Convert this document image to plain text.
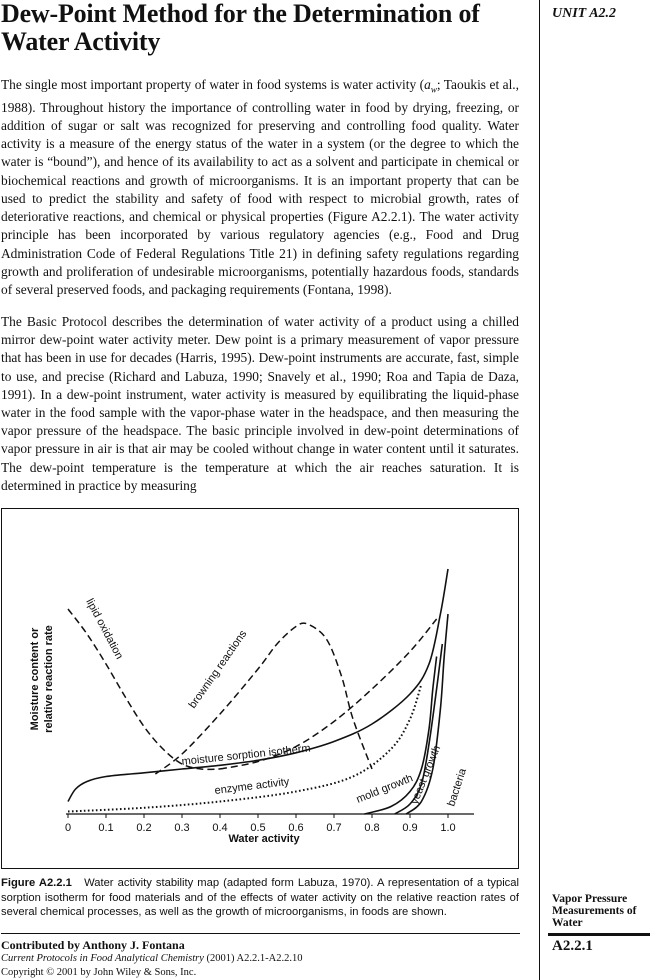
Dew-Point Method for the Determination of Water Activity
UNIT A2.2

The single most important property of water in food systems is water activity ($a_w$; Taoukis et al., 1988). Throughout history the importance of controlling water in food by drying, freezing, or addition of sugar or salt was recognized for preserving and controlling food quality. Water activity is a measure of the energy status of the water in a system (or the degree to which the water is “bound”), and hence of its availability to act as a solvent and participate in chemical or biochemical reactions and growth of microorganisms. It is an important property that can be used to predict the stability and safety of food with respect to microbial growth, rates of deteriorative reactions, and chemical or physical properties (Figure A2.2.1). The water activity principle has been incorporated by various regulatory agencies (e.g., Food and Drug Administration Code of Federal Regulations Title 21) in defining safety regulations regarding growth and proliferation of undesirable microorganisms, potentially hazardous foods, standards of several preserved foods, and packaging requirements (Fontana, 1998).

The Basic Protocol describes the determination of water activity of a product using a chilled mirror dew-point water activity meter. Dew point is a primary measurement of vapor pressure that has been in use for decades (Harris, 1995). Dew-point instruments are accurate, fast, simple to use, and precise (Richard and Labuza, 1990; Snavely et al., 1990; Roa and Tapia de Daza, 1991). In a dew-point instrument, water activity is measured by equilibrating the liquid-phase water in the food sample with the vapor-phase water in the headspace, and then measuring the vapor pressure of the headspace. The basic principle involved in dew-point determinations of vapor pressure in air is that air may be cooled without change in water content until it saturates. The dew-point temperature is the temperature at which the air reaches saturation. It is determined in practice by measuring

0 0.1 0.2 0.3 0.4 0.5 0.6 0.7 0.8 0.9 1.0
Water activity
Moisture content or relative reaction rate	lipid oxidation	browning reactions
moisture sorption isotherm
enzyme activity	mold growth
yeast growth bacteria

Figure A2.2.1 Water activity stability map (adapted form Labuza, 1970). A representation of a typical sorption isotherm for food materials and of the effects of water activity on the relative reaction rates of several chemical processes, as well as the growth of microorganisms, in foods are shown.

Vapor Pressure Measurements of Water
Contributed by Anthony J. Fontana
Current Protocols in Food Analytical Chemistry (2001) A2.2.1-A2.2.10
Copyright © 2001 by John Wiley & Sons, Inc.
A2.2.1
